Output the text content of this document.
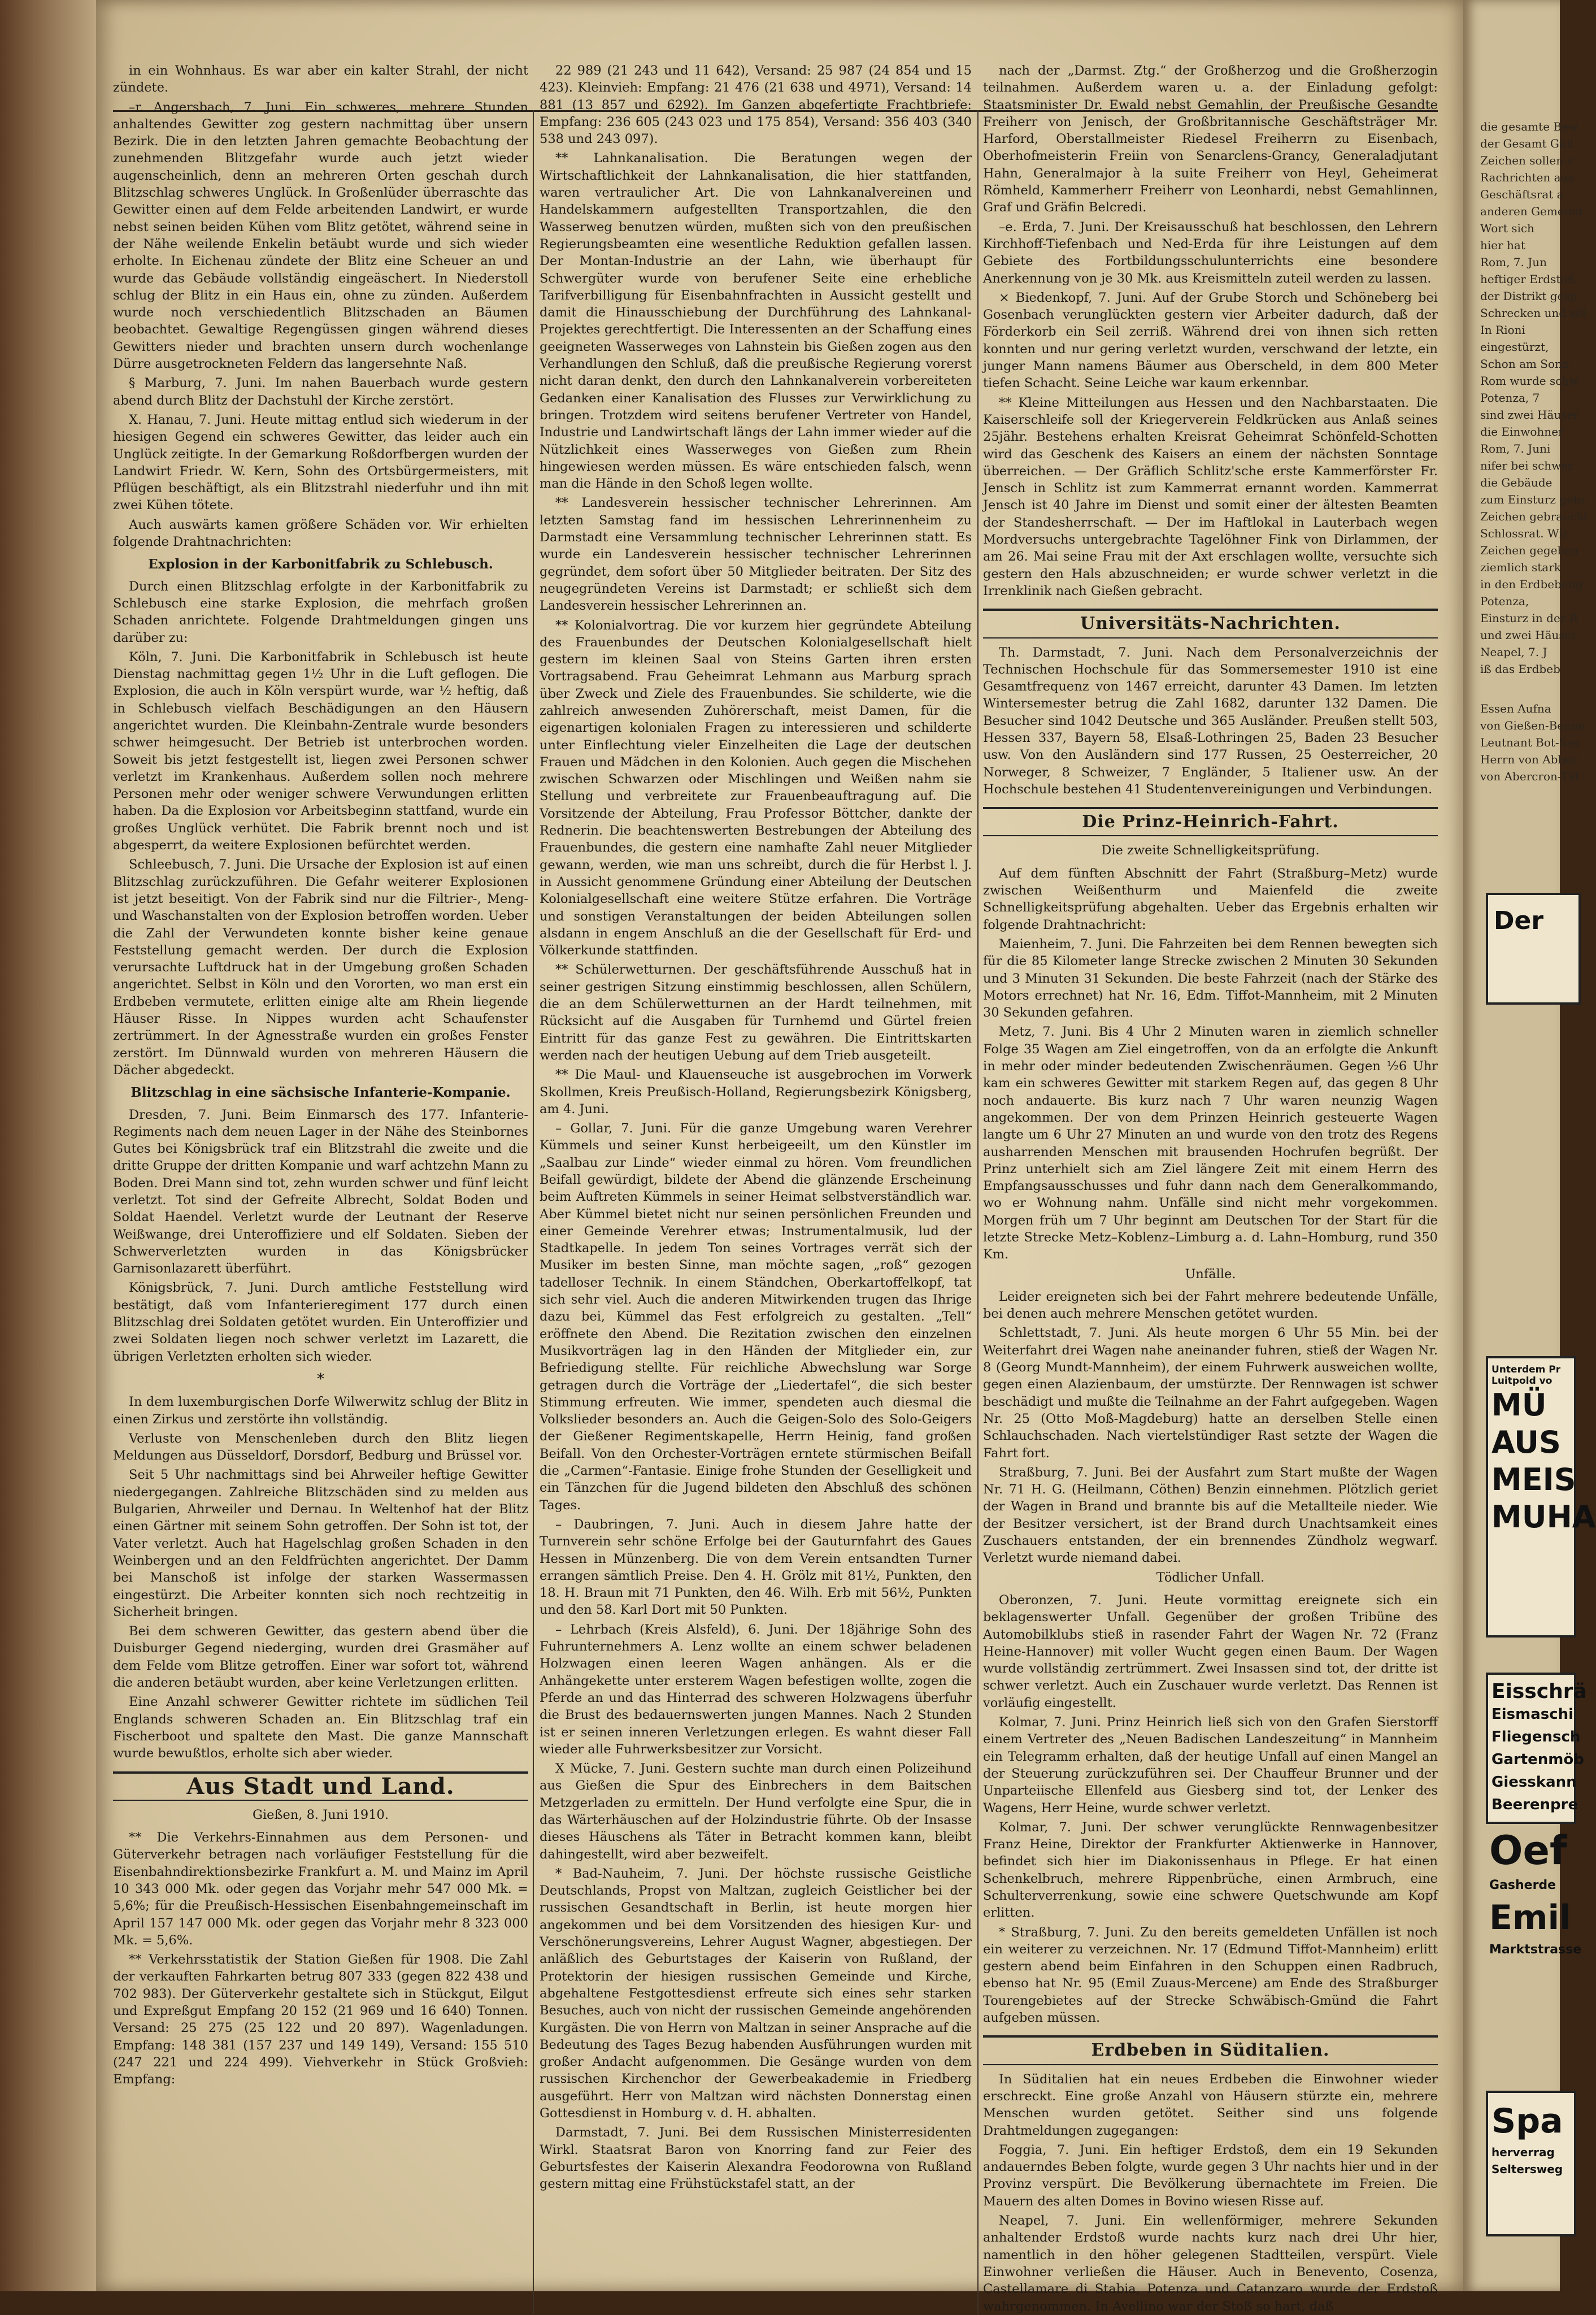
in ein Wohnhaus. Es war aber ein kalter Strahl, der nicht zündete.

–r. Angersbach, 7. Juni. Ein schweres, mehrere Stunden anhaltendes Gewitter zog gestern nachmittag über unsern Bezirk. Die in den letzten Jahren gemachte Beobachtung der zunehmenden Blitzgefahr wurde auch jetzt wieder augenscheinlich, denn an mehreren Orten geschah durch Blitzschlag schweres Unglück. In Großenlüder überraschte das Gewitter einen auf dem Felde arbeitenden Landwirt, er wurde nebst seinen beiden Kühen vom Blitz getötet, während seine in der Nähe weilende Enkelin betäubt wurde und sich wieder erholte. In Eichenau zündete der Blitz eine Scheuer an und wurde das Gebäude vollständig eingeäschert. In Niederstoll schlug der Blitz in ein Haus ein, ohne zu zünden. Außerdem wurde noch verschiedentlich Blitzschaden an Bäumen beobachtet. Gewaltige Regengüssen gingen während dieses Gewitters nieder und brachten unsern durch wochenlange Dürre ausgetrockneten Feldern das langersehnte Naß.

§ Marburg, 7. Juni. Im nahen Bauerbach wurde gestern abend durch Blitz der Dachstuhl der Kirche zerstört.

X. Hanau, 7. Juni. Heute mittag entlud sich wiederum in der hiesigen Gegend ein schweres Gewitter, das leider auch ein Unglück zeitigte. In der Gemarkung Roßdorfbergen wurden der Landwirt Friedr. W. Kern, Sohn des Ortsbürgermeisters, mit Pflügen beschäftigt, als ein Blitzstrahl niederfuhr und ihn mit zwei Kühen tötete.

Auch auswärts kamen größere Schäden vor. Wir erhielten folgende Drahtnachrichten:

Explosion in der Karbonitfabrik zu Schlebusch.

Durch einen Blitzschlag erfolgte in der Karbonitfabrik zu Schlebusch eine starke Explosion, die mehrfach großen Schaden anrichtete. Folgende Drahtmeldungen gingen uns darüber zu:

Köln, 7. Juni. Die Karbonitfabrik in Schlebusch ist heute Dienstag nachmittag gegen 1½ Uhr in die Luft geflogen. Die Explosion, die auch in Köln verspürt wurde, war ½ heftig, daß in Schlebusch vielfach Beschädigungen an den Häusern angerichtet wurden. Die Kleinbahn-Zentrale wurde besonders schwer heimgesucht. Der Betrieb ist unterbrochen worden. Soweit bis jetzt festgestellt ist, liegen zwei Personen schwer verletzt im Krankenhaus. Außerdem sollen noch mehrere Personen mehr oder weniger schwere Verwundungen erlitten haben. Da die Explosion vor Arbeitsbeginn stattfand, wurde ein großes Unglück verhütet. Die Fabrik brennt noch und ist abgesperrt, da weitere Explosionen befürchtet werden.

Schleebusch, 7. Juni. Die Ursache der Explosion ist auf einen Blitzschlag zurückzuführen. Die Gefahr weiterer Explosionen ist jetzt beseitigt. Von der Fabrik sind nur die Filtrier-, Meng- und Waschanstalten von der Explosion betroffen worden. Ueber die Zahl der Verwundeten konnte bisher keine genaue Feststellung gemacht werden. Der durch die Explosion verursachte Luftdruck hat in der Umgebung großen Schaden angerichtet. Selbst in Köln und den Vororten, wo man erst ein Erdbeben vermutete, erlitten einige alte am Rhein liegende Häuser Risse. In Nippes wurden acht Schaufenster zertrümmert. In der Agnesstraße wurden ein großes Fenster zerstört. Im Dünnwald wurden von mehreren Häusern die Dächer abgedeckt.

Blitzschlag in eine sächsische Infanterie-Kompanie.

Dresden, 7. Juni. Beim Einmarsch des 177. Infanterie-Regiments nach dem neuen Lager in der Nähe des Steinbornes Gutes bei Königsbrück traf ein Blitzstrahl die zweite und die dritte Gruppe der dritten Kompanie und warf achtzehn Mann zu Boden. Drei Mann sind tot, zehn wurden schwer und fünf leicht verletzt. Tot sind der Gefreite Albrecht, Soldat Boden und Soldat Haendel. Verletzt wurde der Leutnant der Reserve Weißwange, drei Unteroffiziere und elf Soldaten. Sieben der Schwerverletzten wurden in das Königsbrücker Garnisonlazarett überführt.

Königsbrück, 7. Juni. Durch amtliche Feststellung wird bestätigt, daß vom Infanterieregiment 177 durch einen Blitzschlag drei Soldaten getötet wurden. Ein Unteroffizier und zwei Soldaten liegen noch schwer verletzt im Lazarett, die übrigen Verletzten erholten sich wieder.

*

In dem luxemburgischen Dorfe Wilwerwitz schlug der Blitz in einen Zirkus und zerstörte ihn vollständig.

Verluste von Menschenleben durch den Blitz liegen Meldungen aus Düsseldorf, Dorsdorf, Bedburg und Brüssel vor.

Seit 5 Uhr nachmittags sind bei Ahrweiler heftige Gewitter niedergegangen. Zahlreiche Blitzschäden sind zu melden aus Bulgarien, Ahrweiler und Dernau. In Weltenhof hat der Blitz einen Gärtner mit seinem Sohn getroffen. Der Sohn ist tot, der Vater verletzt. Auch hat Hagelschlag großen Schaden in den Weinbergen und an den Feldfrüchten angerichtet. Der Damm bei Manschoß ist infolge der starken Wassermassen eingestürzt. Die Arbeiter konnten sich noch rechtzeitig in Sicherheit bringen.

Bei dem schweren Gewitter, das gestern abend über die Duisburger Gegend niederging, wurden drei Grasmäher auf dem Felde vom Blitze getroffen. Einer war sofort tot, während die anderen betäubt wurden, aber keine Verletzungen erlitten.

Eine Anzahl schwerer Gewitter richtete im südlichen Teil Englands schweren Schaden an. Ein Blitzschlag traf ein Fischerboot und spaltete den Mast. Die ganze Mannschaft wurde bewußtlos, erholte sich aber wieder.

Aus Stadt und Land.

Gießen, 8. Juni 1910.

** Die Verkehrs-Einnahmen aus dem Personen- und Güterverkehr betragen nach vorläufiger Feststellung für die Eisenbahndirektionsbezirke Frankfurt a. M. und Mainz im April 10 343 000 Mk. oder gegen das Vorjahr mehr 547 000 Mk. = 5,6%; für die Preußisch-Hessischen Eisenbahngemeinschaft im April 157 147 000 Mk. oder gegen das Vorjahr mehr 8 323 000 Mk. = 5,6%.

** Verkehrsstatistik der Station Gießen für 1908. Die Zahl der verkauften Fahrkarten betrug 807 333 (gegen 822 438 und 702 983). Der Güterverkehr gestaltete sich in Stückgut, Eilgut und Expreßgut Empfang 20 152 (21 969 und 16 640) Tonnen. Versand: 25 275 (25 122 und 20 897). Wagenladungen. Empfang: 148 381 (157 237 und 149 149), Versand: 155 510 (247 221 und 224 499). Viehverkehr in Stück Großvieh: Empfang:

22 989 (21 243 und 11 642), Versand: 25 987 (24 854 und 15 423). Kleinvieh: Empfang: 21 476 (21 638 und 4971), Versand: 14 881 (13 857 und 6292). Im Ganzen abgefertigte Frachtbriefe: Empfang: 236 605 (243 023 und 175 854), Versand: 356 403 (340 538 und 243 097).

** Lahnkanalisation. Die Beratungen wegen der Wirtschaftlichkeit der Lahnkanalisation, die hier stattfanden, waren vertraulicher Art. Die von Lahnkanalvereinen und Handelskammern aufgestellten Transportzahlen, die den Wasserweg benutzen würden, mußten sich von den preußischen Regierungsbeamten eine wesentliche Reduktion gefallen lassen. Der Montan-Industrie an der Lahn, wie überhaupt für Schwergüter wurde von berufener Seite eine erhebliche Tarifverbilligung für Eisenbahnfrachten in Aussicht gestellt und damit die Hinausschiebung der Durchführung des Lahnkanal-Projektes gerechtfertigt. Die Interessenten an der Schaffung eines geeigneten Wasserweges von Lahnstein bis Gießen zogen aus den Verhandlungen den Schluß, daß die preußische Regierung vorerst nicht daran denkt, den durch den Lahnkanalverein vorbereiteten Gedanken einer Kanalisation des Flusses zur Verwirklichung zu bringen. Trotzdem wird seitens berufener Vertreter von Handel, Industrie und Landwirtschaft längs der Lahn immer wieder auf die Nützlichkeit eines Wasserweges von Gießen zum Rhein hingewiesen werden müssen. Es wäre entschieden falsch, wenn man die Hände in den Schoß legen wollte.

** Landesverein hessischer technischer Lehrerinnen. Am letzten Samstag fand im hessischen Lehrerinnenheim zu Darmstadt eine Versammlung technischer Lehrerinnen statt. Es wurde ein Landesverein hessischer technischer Lehrerinnen gegründet, dem sofort über 50 Mitglieder beitraten. Der Sitz des neugegründeten Vereins ist Darmstadt; er schließt sich dem Landesverein hessischer Lehrerinnen an.

** Kolonialvortrag. Die vor kurzem hier gegründete Abteilung des Frauenbundes der Deutschen Kolonialgesellschaft hielt gestern im kleinen Saal von Steins Garten ihren ersten Vortragsabend. Frau Geheimrat Lehmann aus Marburg sprach über Zweck und Ziele des Frauenbundes. Sie schilderte, wie die zahlreich anwesenden Zuhörerschaft, meist Damen, für die eigenartigen kolonialen Fragen zu interessieren und schilderte unter Einflechtung vieler Einzelheiten die Lage der deutschen Frauen und Mädchen in den Kolonien. Auch gegen die Mischehen zwischen Schwarzen oder Mischlingen und Weißen nahm sie Stellung und verbreitete zur Frauenbeauftragung auf. Die Vorsitzende der Abteilung, Frau Professor Böttcher, dankte der Rednerin. Die beachtenswerten Bestrebungen der Abteilung des Frauenbundes, die gestern eine namhafte Zahl neuer Mitglieder gewann, werden, wie man uns schreibt, durch die für Herbst l. J. in Aussicht genommene Gründung einer Abteilung der Deutschen Kolonialgesellschaft eine weitere Stütze erfahren. Die Vorträge und sonstigen Veranstaltungen der beiden Abteilungen sollen alsdann in engem Anschluß an die der Gesellschaft für Erd- und Völkerkunde stattfinden.

** Schülerwetturnen. Der geschäftsführende Ausschuß hat in seiner gestrigen Sitzung einstimmig beschlossen, allen Schülern, die an dem Schülerwetturnen an der Hardt teilnehmen, mit Rücksicht auf die Ausgaben für Turnhemd und Gürtel freien Eintritt für das ganze Fest zu gewähren. Die Eintrittskarten werden nach der heutigen Uebung auf dem Trieb ausgeteilt.

** Die Maul- und Klauenseuche ist ausgebrochen im Vorwerk Skollmen, Kreis Preußisch-Holland, Regierungsbezirk Königsberg, am 4. Juni.

– Gollar, 7. Juni. Für die ganze Umgebung waren Verehrer Kümmels und seiner Kunst herbeigeeilt, um den Künstler im „Saalbau zur Linde“ wieder einmal zu hören. Vom freundlichen Beifall gewürdigt, bildete der Abend die glänzende Erscheinung beim Auftreten Kümmels in seiner Heimat selbstverständlich war. Aber Kümmel bietet nicht nur seinen persönlichen Freunden und einer Gemeinde Verehrer etwas; Instrumentalmusik, lud der Stadtkapelle. In jedem Ton seines Vortrages verrät sich der Musiker im besten Sinne, man möchte sagen, „roß“ gezogen tadelloser Technik. In einem Ständchen, Oberkartoffelkopf, tat sich sehr viel. Auch die anderen Mitwirkenden trugen das Ihrige dazu bei, Kümmel das Fest erfolgreich zu gestalten. „Tell“ eröffnete den Abend. Die Rezitation zwischen den einzelnen Musikvorträgen lag in den Händen der Mitglieder ein, zur Befriedigung stellte. Für reichliche Abwechslung war Sorge getragen durch die Vorträge der „Liedertafel“, die sich bester Stimmung erfreuten. Wie immer, spendeten auch diesmal die Volkslieder besonders an. Auch die Geigen-Solo des Solo-Geigers der Gießener Regimentskapelle, Herrn Heinig, fand großen Beifall. Von den Orchester-Vorträgen erntete stürmischen Beifall die „Carmen“-Fantasie. Einige frohe Stunden der Geselligkeit und ein Tänzchen für die Jugend bildeten den Abschluß des schönen Tages.

– Daubringen, 7. Juni. Auch in diesem Jahre hatte der Turnverein sehr schöne Erfolge bei der Gauturnfahrt des Gaues Hessen in Münzenberg. Die von dem Verein entsandten Turner errangen sämtlich Preise. Den 4. H. Grölz mit 81½, Punkten, den 18. H. Braun mit 71 Punkten, den 46. Wilh. Erb mit 56½, Punkten und den 58. Karl Dort mit 50 Punkten.

– Lehrbach (Kreis Alsfeld), 6. Juni. Der 18jährige Sohn des Fuhrunternehmers A. Lenz wollte an einem schwer beladenen Holzwagen einen leeren Wagen anhängen. Als er die Anhängekette unter ersterem Wagen befestigen wollte, zogen die Pferde an und das Hinterrad des schweren Holzwagens überfuhr die Brust des bedauernswerten jungen Mannes. Nach 2 Stunden ist er seinen inneren Verletzungen erlegen. Es wahnt dieser Fall wieder alle Fuhrwerksbesitzer zur Vorsicht.

X Mücke, 7. Juni. Gestern suchte man durch einen Polizeihund aus Gießen die Spur des Einbrechers in dem Baitschen Metzgerladen zu ermitteln. Der Hund verfolgte eine Spur, die in das Wärterhäuschen auf der Holzindustrie führte. Ob der Insasse dieses Häuschens als Täter in Betracht kommen kann, bleibt dahingestellt, wird aber bezweifelt.

* Bad-Nauheim, 7. Juni. Der höchste russische Geistliche Deutschlands, Propst von Maltzan, zugleich Geistlicher bei der russischen Gesandtschaft in Berlin, ist heute morgen hier angekommen und bei dem Vorsitzenden des hiesigen Kur- und Verschönerungsvereins, Lehrer August Wagner, abgestiegen. Der anläßlich des Geburtstages der Kaiserin von Rußland, der Protektorin der hiesigen russischen Gemeinde und Kirche, abgehaltene Festgottesdienst erfreute sich eines sehr starken Besuches, auch von nicht der russischen Gemeinde angehörenden Kurgästen. Die von Herrn von Maltzan in seiner Ansprache auf die Bedeutung des Tages Bezug habenden Ausführungen wurden mit großer Andacht aufgenommen. Die Gesänge wurden von dem russischen Kirchenchor der Gewerbeakademie in Friedberg ausgeführt. Herr von Maltzan wird nächsten Donnerstag einen Gottesdienst in Homburg v. d. H. abhalten.

Darmstadt, 7. Juni. Bei dem Russischen Ministerresidenten Wirkl. Staatsrat Baron von Knorring fand zur Feier des Geburtsfestes der Kaiserin Alexandra Feodorowna von Rußland gestern mittag eine Frühstückstafel statt, an der

nach der „Darmst. Ztg.“ der Großherzog und die Großherzogin teilnahmen. Außerdem waren u. a. der Einladung gefolgt: Staatsminister Dr. Ewald nebst Gemahlin, der Preußische Gesandte Freiherr von Jenisch, der Großbritannische Geschäftsträger Mr. Harford, Oberstallmeister Riedesel Freiherrn zu Eisenbach, Oberhofmeisterin Freiin von Senarclens-Grancy, Generaladjutant Hahn, Generalmajor à la suite Freiherr von Heyl, Geheimerat Römheld, Kammerherr Freiherr von Leonhardi, nebst Gemahlinnen, Graf und Gräfin Belcredi.

–e. Erda, 7. Juni. Der Kreisausschuß hat beschlossen, den Lehrern Kirchhoff-Tiefenbach und Ned-Erda für ihre Leistungen auf dem Gebiete des Fortbildungsschulunterrichts eine besondere Anerkennung von je 30 Mk. aus Kreismitteln zuteil werden zu lassen.

× Biedenkopf, 7. Juni. Auf der Grube Storch und Schöneberg bei Gosenbach verunglückten gestern vier Arbeiter dadurch, daß der Förderkorb ein Seil zerriß. Während drei von ihnen sich retten konnten und nur gering verletzt wurden, verschwand der letzte, ein junger Mann namens Bäumer aus Oberscheld, in dem 800 Meter tiefen Schacht. Seine Leiche war kaum erkennbar.

** Kleine Mitteilungen aus Hessen und den Nachbarstaaten. Die Kaiserschleife soll der Kriegerverein Feldkrücken aus Anlaß seines 25jähr. Bestehens erhalten Kreisrat Geheimrat Schönfeld-Schotten wird das Geschenk des Kaisers an einem der nächsten Sonntage überreichen. — Der Gräflich Schlitz'sche erste Kammerförster Fr. Jensch in Schlitz ist zum Kammerrat ernannt worden. Kammerrat Jensch ist 40 Jahre im Dienst und somit einer der ältesten Beamten der Standesherrschaft. — Der im Haftlokal in Lauterbach wegen Mordversuchs untergebrachte Tagelöhner Fink von Dirlammen, der am 26. Mai seine Frau mit der Axt erschlagen wollte, versuchte sich gestern den Hals abzuschneiden; er wurde schwer verletzt in die Irrenklinik nach Gießen gebracht.

Universitäts-Nachrichten.

Th. Darmstadt, 7. Juni. Nach dem Personalverzeichnis der Technischen Hochschule für das Sommersemester 1910 ist eine Gesamtfrequenz von 1467 erreicht, darunter 43 Damen. Im letzten Wintersemester betrug die Zahl 1682, darunter 132 Damen. Die Besucher sind 1042 Deutsche und 365 Ausländer. Preußen stellt 503, Hessen 337, Bayern 58, Elsaß-Lothringen 25, Baden 23 Besucher usw. Von den Ausländern sind 177 Russen, 25 Oesterreicher, 20 Norweger, 8 Schweizer, 7 Engländer, 5 Italiener usw. An der Hochschule bestehen 41 Studentenvereinigungen und Verbindungen.

Die Prinz-Heinrich-Fahrt.

Die zweite Schnelligkeitsprüfung.

Auf dem fünften Abschnitt der Fahrt (Straßburg–Metz) wurde zwischen Weißenthurm und Maienfeld die zweite Schnelligkeitsprüfung abgehalten. Ueber das Ergebnis erhalten wir folgende Drahtnachricht:

Maienheim, 7. Juni. Die Fahrzeiten bei dem Rennen bewegten sich für die 85 Kilometer lange Strecke zwischen 2 Minuten 30 Sekunden und 3 Minuten 31 Sekunden. Die beste Fahrzeit (nach der Stärke des Motors errechnet) hat Nr. 16, Edm. Tiffot-Mannheim, mit 2 Minuten 30 Sekunden gefahren.

Metz, 7. Juni. Bis 4 Uhr 2 Minuten waren in ziemlich schneller Folge 35 Wagen am Ziel eingetroffen, von da an erfolgte die Ankunft in mehr oder minder bedeutenden Zwischenräumen. Gegen ½6 Uhr kam ein schweres Gewitter mit starkem Regen auf, das gegen 8 Uhr noch andauerte. Bis kurz nach 7 Uhr waren neunzig Wagen angekommen. Der von dem Prinzen Heinrich gesteuerte Wagen langte um 6 Uhr 27 Minuten an und wurde von den trotz des Regens ausharrenden Menschen mit brausenden Hochrufen begrüßt. Der Prinz unterhielt sich am Ziel längere Zeit mit einem Herrn des Empfangsausschusses und fuhr dann nach dem Generalkommando, wo er Wohnung nahm. Unfälle sind nicht mehr vorgekommen. Morgen früh um 7 Uhr beginnt am Deutschen Tor der Start für die letzte Strecke Metz–Koblenz–Limburg a. d. Lahn–Homburg, rund 350 Km.

Unfälle.

Leider ereigneten sich bei der Fahrt mehrere bedeutende Unfälle, bei denen auch mehrere Menschen getötet wurden.

Schlettstadt, 7. Juni. Als heute morgen 6 Uhr 55 Min. bei der Weiterfahrt drei Wagen nahe aneinander fuhren, stieß der Wagen Nr. 8 (Georg Mundt-Mannheim), der einem Fuhrwerk ausweichen wollte, gegen einen Alazienbaum, der umstürzte. Der Rennwagen ist schwer beschädigt und mußte die Teilnahme an der Fahrt aufgegeben. Wagen Nr. 25 (Otto Moß-Magdeburg) hatte an derselben Stelle einen Schlauchschaden. Nach viertelstündiger Rast setzte der Wagen die Fahrt fort.

Straßburg, 7. Juni. Bei der Ausfahrt zum Start mußte der Wagen Nr. 71 H. G. (Heilmann, Cöthen) Benzin einnehmen. Plötzlich geriet der Wagen in Brand und brannte bis auf die Metallteile nieder. Wie der Besitzer versichert, ist der Brand durch Unachtsamkeit eines Zuschauers entstanden, der ein brennendes Zündholz wegwarf. Verletzt wurde niemand dabei.

Tödlicher Unfall.

Oberonzen, 7. Juni. Heute vormittag ereignete sich ein beklagenswerter Unfall. Gegenüber der großen Tribüne des Automobilklubs stieß in rasender Fahrt der Wagen Nr. 72 (Franz Heine-Hannover) mit voller Wucht gegen einen Baum. Der Wagen wurde vollständig zertrümmert. Zwei Insassen sind tot, der dritte ist schwer verletzt. Auch ein Zuschauer wurde verletzt. Das Rennen ist vorläufig eingestellt.

Kolmar, 7. Juni. Prinz Heinrich ließ sich von den Grafen Sierstorff einem Vertreter des „Neuen Badischen Landeszeitung“ in Mannheim ein Telegramm erhalten, daß der heutige Unfall auf einen Mangel an der Steuerung zurückzuführen sei. Der Chauffeur Brunner und der Unparteiische Ellenfeld aus Giesberg sind tot, der Lenker des Wagens, Herr Heine, wurde schwer verletzt.

Kolmar, 7. Juni. Der schwer verunglückte Rennwagenbesitzer Franz Heine, Direktor der Frankfurter Aktienwerke in Hannover, befindet sich hier im Diakonissenhaus in Pflege. Er hat einen Schenkelbruch, mehrere Rippenbrüche, einen Armbruch, eine Schulterverrenkung, sowie eine schwere Quetschwunde am Kopf erlitten.

* Straßburg, 7. Juni. Zu den bereits gemeldeten Unfällen ist noch ein weiterer zu verzeichnen. Nr. 17 (Edmund Tiffot-Mannheim) erlitt gestern abend beim Einfahren in den Schuppen einen Radbruch, ebenso hat Nr. 95 (Emil Zuaus-Mercene) am Ende des Straßburger Tourengebietes auf der Strecke Schwäbisch-Gmünd die Fahrt aufgeben müssen.

Erdbeben in Süditalien.

In Süditalien hat ein neues Erdbeben die Einwohner wieder erschreckt. Eine große Anzahl von Häusern stürzte ein, mehrere Menschen wurden getötet. Seither sind uns folgende Drahtmeldungen zugegangen:

Foggia, 7. Juni. Ein heftiger Erdstoß, dem ein 19 Sekunden andauerndes Beben folgte, wurde gegen 3 Uhr nachts hier und in der Provinz verspürt. Die Bevölkerung übernachtete im Freien. Die Mauern des alten Domes in Bovino wiesen Risse auf.

Neapel, 7. Juni. Ein wellenförmiger, mehrere Sekunden anhaltender Erdstoß wurde nachts kurz nach drei Uhr hier, namentlich in den höher gelegenen Stadtteilen, verspürt. Viele Einwohner verließen die Häuser. Auch in Benevento, Cosenza, Castellamare di Stabia, Potenza und Catanzaro wurde der Erdstoß wahrgenommen. In Avellino war der Stoß so hart, daß

die gesamte Bew

der Gesamt Gült

Zeichen sollen s

Rachrichten aus

Geschäftsrat a

anderen Gemeind

Wort sich

hier hat

Rom, 7. Jun

heftiger Erdstoß

der Distrikt gesp

Schrecken und sel

In Rioni

eingestürzt,

Schon am Sonn

Rom wurde schw

Potenza, 7

sind zwei Häuser

die Einwohner

Rom, 7. Juni

nifer bei schwer

die Gebäude

zum Einsturz gebr

Zeichen gebraucht

Schlossrat. Wir

Zeichen gegeben

ziemlich stark

in den Erdbebeng

Potenza,

Einsturz in der R

und zwei Häuser

Neapel, 7. J

iß das Erdbeb

Essen Aufna

von Gießen-Benne

Leutnant Bot-Sas

Herrn von Abbec

von Abercron-Täl

Der
Unterdem Pr
Luitpold vo
MÜ
AUS
MEIS
MUHA
Eisschrä
Eismaschi
Fliegensch
Gartenmöb
Giesskann
Beerenpre
Oef
Gasherde
Emil
Marktstrasse
Spa
herverrag
Seltersweg
